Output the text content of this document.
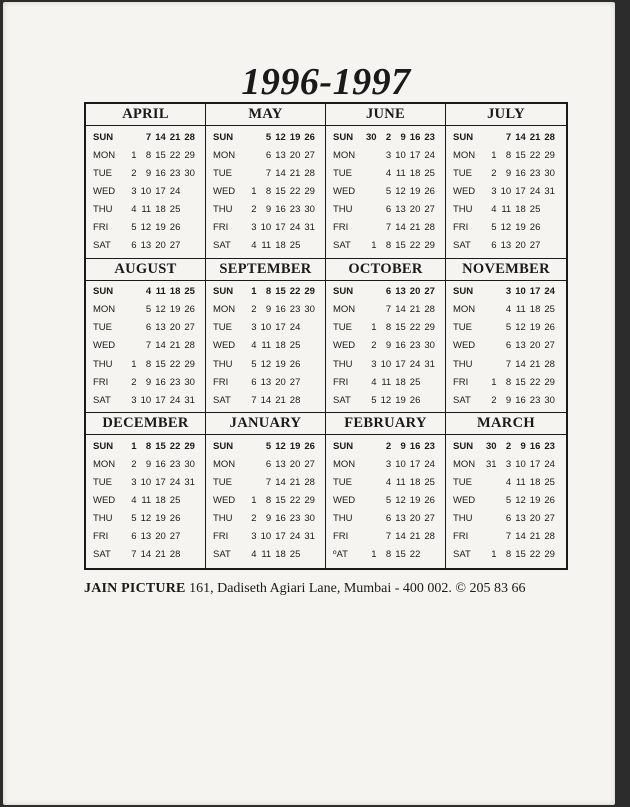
1996-1997
APRIL
SUN	7 14 21 28
MON	1 8 15 22 29
TUE	2 9 16 23 30
WED	3 10 17 24
THU	4 11 18 25
FRI	5 12 19 26
SAT	6 13 20 27
MAY
SUN	5 12 19 26
MON	6 13 20 27
TUE	7 14 21 28
WED	1 8 15 22 29
THU	2 9 16 23 30
FRI	3 10 17 24 31
SAT	4 11 18 25
JUNE
SUN	30 2 9 16 23
MON	3 10 17 24
TUE	4 11 18 25
WED	5 12 19 26
THU	6 13 20 27
FRI	7 14 21 28
SAT	1 8 15 22 29
JULY
SUN	7 14 21 28
MON	1 8 15 22 29
TUE	2 9 16 23 30
WED	3 10 17 24 31
THU	4 11 18 25
FRI	5 12 19 26
SAT	6 13 20 27
AUGUST
SUN	4 11 18 25
MON	5 12 19 26
TUE	6 13 20 27
WED	7 14 21 28
THU	1 8 15 22 29
FRI	2 9 16 23 30
SAT	3 10 17 24 31
SEPTEMBER
SUN	1 8 15 22 29
MON	2 9 16 23 30
TUE	3 10 17 24
WED	4 11 18 25
THU	5 12 19 26
FRI	6 13 20 27
SAT	7 14 21 28
OCTOBER
SUN	6 13 20 27
MON	7 14 21 28
TUE	1 8 15 22 29
WED	2 9 16 23 30
THU	3 10 17 24 31
FRI	4 11 18 25
SAT	5 12 19 26
NOVEMBER
SUN	3 10 17 24
MON	4 11 18 25
TUE	5 12 19 26
WED	6 13 20 27
THU	7 14 21 28
FRI	1 8 15 22 29
SAT	2 9 16 23 30
DECEMBER
SUN	1 8 15 22 29
MON	2 9 16 23 30
TUE	3 10 17 24 31
WED	4 11 18 25
THU	5 12 19 26
FRI	6 13 20 27
SAT	7 14 21 28
JANUARY
SUN	5 12 19 26
MON	6 13 20 27
TUE	7 14 21 28
WED	1 8 15 22 29
THU	2 9 16 23 30
FRI	3 10 17 24 31
SAT	4 11 18 25
FEBRUARY
SUN	2 9 16 23
MON	3 10 17 24
TUE	4 11 18 25
WED	5 12 19 26
THU	6 13 20 27
FRI	7 14 21 28
ºAT	1 8 15 22
MARCH
SUN	30 2 9 16 23
MON	31 3 10 17 24
TUE	4 11 18 25
WED	5 12 19 26
THU	6 13 20 27
FRI	7 14 21 28
SAT	1 8 15 22 29
JAIN PICTURE 161, Dadiseth Agiari Lane, Mumbai - 400 002. © 205 83 66
